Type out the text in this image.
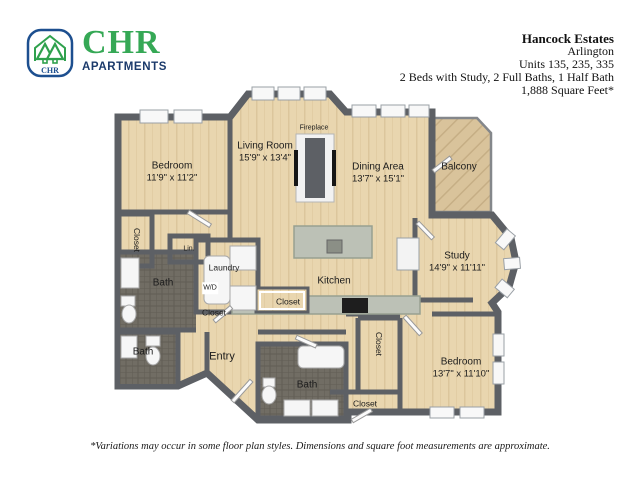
CHR
CHR
APARTMENTS
Hancock Estates
Arlington
Units 135, 235, 335
2 Beds with Study, 2 Full Baths, 1 Half Bath
1,888 Square Feet*
Bedroom
11'9" x 11'2"
Living Room
15'9" x 13'4"
Fireplace
Dining Area
13'7" x 15'1"
Balcony
Closet	Lin.
Bath
Laundry
W/D
Closet
Closet
Kitchen
Study
14'9" x 11'11"
Bath	Entry
Bath
Closet
Bedroom
13'7" x 11'10"
Closet
*Variations may occur in some floor plan styles. Dimensions and square foot measurements are approximate.
